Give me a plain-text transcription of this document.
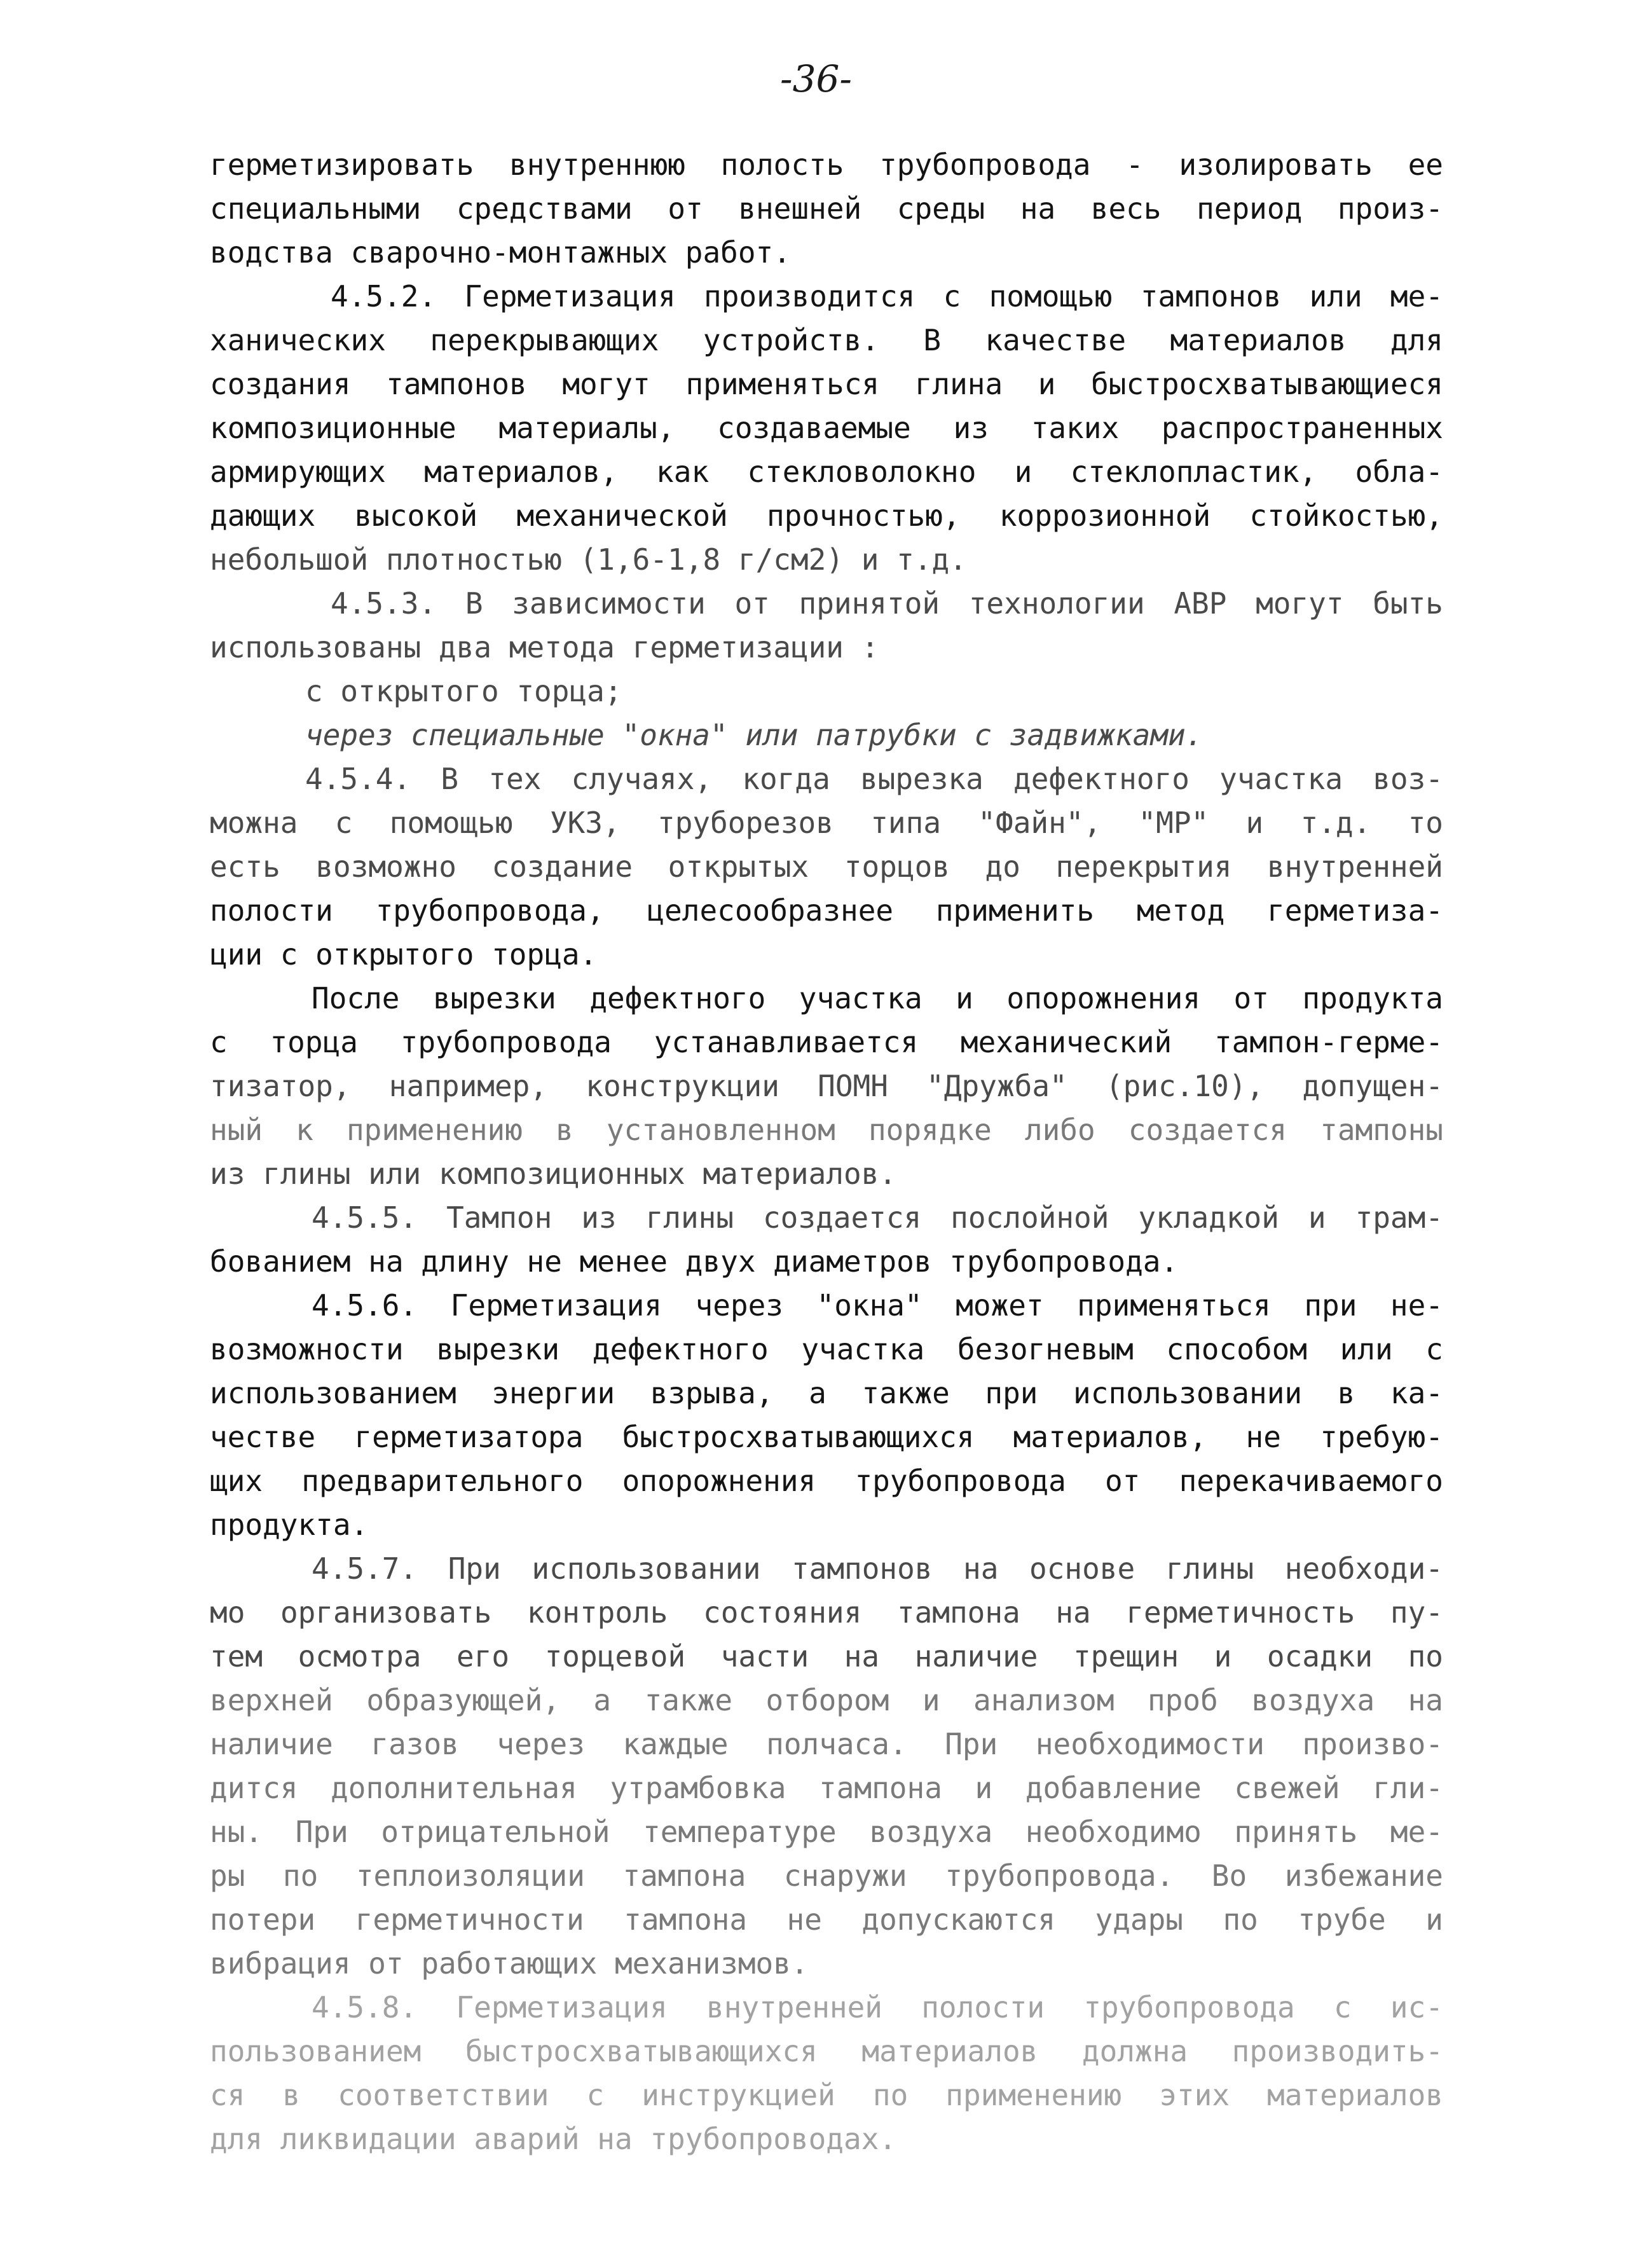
-36-
герметизировать внутреннюю полость трубопровода - изолировать ее
специальными средствами от внешней среды на весь период произ-
водства сварочно-монтажных работ.
4.5.2. Герметизация производится с помощью тампонов или ме-
ханических перекрывающих устройств. В качестве материалов для
создания тампонов могут применяться глина и быстросхватывающиеся
композиционные материалы, создаваемые из таких распространенных
армирующих материалов, как стекловолокно и стеклопластик, обла-
дающих высокой механической прочностью, коррозионной стойкостью,
небольшой плотностью (1,6-1,8 г/см2) и т.д.
4.5.3. В зависимости от принятой технологии АВР могут быть
использованы два метода герметизации :
с открытого торца;
через специальные "окна" или патрубки с задвижками.
4.5.4. В тех случаях, когда вырезка дефектного участка воз-
можна с помощью УКЗ, труборезов типа "Файн", "МР" и т.д. то
есть возможно создание открытых торцов до перекрытия внутренней
полости трубопровода, целесообразнее применить метод герметиза-
ции с открытого торца.
После вырезки дефектного участка и опорожнения от продукта
с торца трубопровода устанавливается механический тампон-герме-
тизатор, например, конструкции ПОМН "Дружба" (рис.10), допущен-
ный к применению в установленном порядке либо создается тампоны
из глины или композиционных материалов.
4.5.5. Тампон из глины создается послойной укладкой и трам-
бованием на длину не менее двух диаметров трубопровода.
4.5.6. Герметизация через "окна" может применяться при не-
возможности вырезки дефектного участка безогневым способом или с
использованием энергии взрыва, а также при использовании в ка-
честве герметизатора быстросхватывающихся материалов, не требую-
щих предварительного опорожнения трубопровода от перекачиваемого
продукта.
4.5.7. При использовании тампонов на основе глины необходи-
мо организовать контроль состояния тампона на герметичность пу-
тем осмотра его торцевой части на наличие трещин и осадки по
верхней образующей, а также отбором и анализом проб воздуха на
наличие газов через каждые полчаса. При необходимости произво-
дится дополнительная утрамбовка тампона и добавление свежей гли-
ны. При отрицательной температуре воздуха необходимо принять ме-
ры по теплоизоляции тампона снаружи трубопровода. Во избежание
потери герметичности тампона не допускаются удары по трубе и
вибрация от работающих механизмов.
4.5.8. Герметизация внутренней полости трубопровода с ис-
пользованием быстросхватывающихся материалов должна производить-
ся в соответствии с инструкцией по применению этих материалов
для ликвидации аварий на трубопроводах.
